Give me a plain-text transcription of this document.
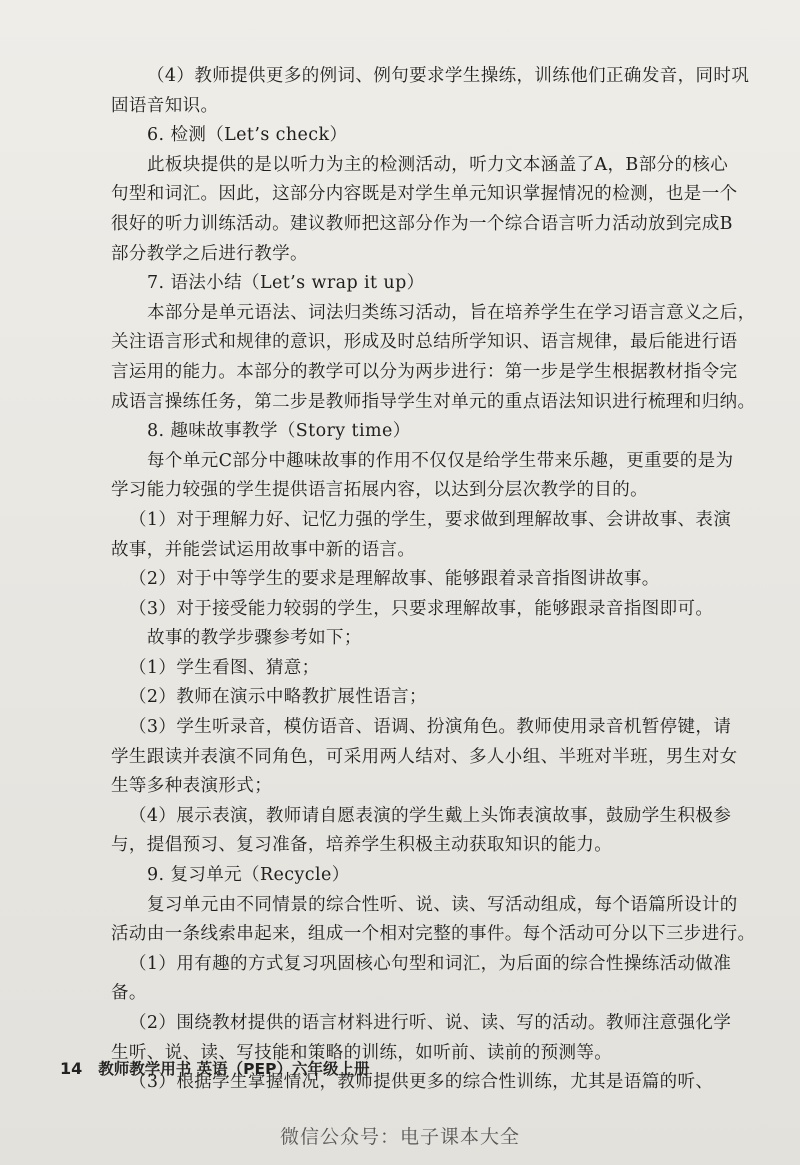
（4）教师提供更多的例词、例句要求学生操练，训练他们正确发音，同时巩
固语音知识。
6. 检测（Let’s check）
此板块提供的是以听力为主的检测活动，听力文本涵盖了A，B部分的核心
句型和词汇。因此，这部分内容既是对学生单元知识掌握情况的检测，也是一个
很好的听力训练活动。建议教师把这部分作为一个综合语言听力活动放到完成B
部分教学之后进行教学。
7. 语法小结（Let’s wrap it up）
本部分是单元语法、词法归类练习活动，旨在培养学生在学习语言意义之后，
关注语言形式和规律的意识，形成及时总结所学知识、语言规律，最后能进行语
言运用的能力。本部分的教学可以分为两步进行：第一步是学生根据教材指令完
成语言操练任务，第二步是教师指导学生对单元的重点语法知识进行梳理和归纳。
8. 趣味故事教学（Story time）
每个单元C部分中趣味故事的作用不仅仅是给学生带来乐趣，更重要的是为
学习能力较强的学生提供语言拓展内容，以达到分层次教学的目的。
（1）对于理解力好、记忆力强的学生，要求做到理解故事、会讲故事、表演
故事，并能尝试运用故事中新的语言。
（2）对于中等学生的要求是理解故事、能够跟着录音指图讲故事。
（3）对于接受能力较弱的学生，只要求理解故事，能够跟录音指图即可。
故事的教学步骤参考如下；
（1）学生看图、猜意；
（2）教师在演示中略教扩展性语言；
（3）学生听录音，模仿语音、语调、扮演角色。教师使用录音机暂停键，请
学生跟读并表演不同角色，可采用两人结对、多人小组、半班对半班，男生对女
生等多种表演形式；
（4）展示表演，教师请自愿表演的学生戴上头饰表演故事，鼓励学生积极参
与，提倡预习、复习准备，培养学生积极主动获取知识的能力。
9. 复习单元（Recycle）
复习单元由不同情景的综合性听、说、读、写活动组成，每个语篇所设计的
活动由一条线索串起来，组成一个相对完整的事件。每个活动可分以下三步进行。
（1）用有趣的方式复习巩固核心句型和词汇，为后面的综合性操练活动做准
备。
（2）围绕教材提供的语言材料进行听、说、读、写的活动。教师注意强化学
生听、说、读、写技能和策略的训练，如听前、读前的预测等。
（3）根据学生掌握情况，教师提供更多的综合性训练，尤其是语篇的听、
14 教师教学用书 英语（PEP）六年级上册
微信公众号：电子课本大全
